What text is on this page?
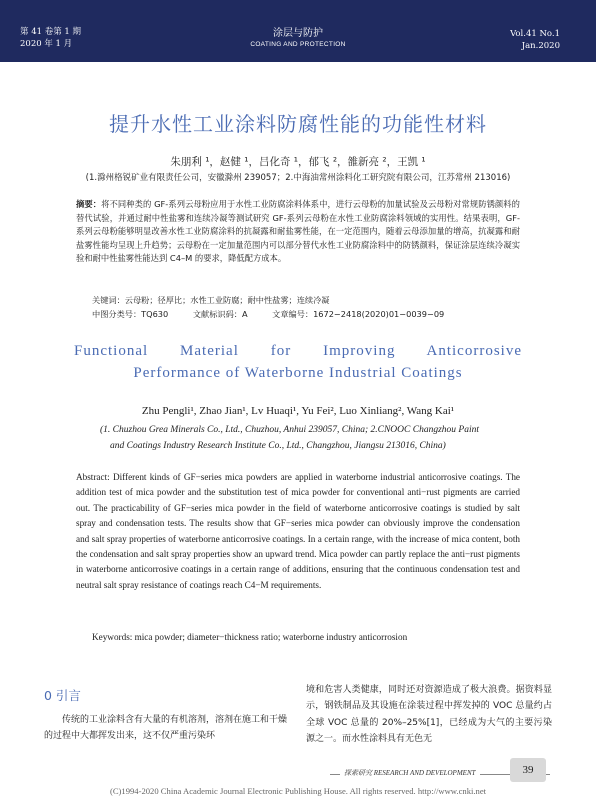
第 41 卷第 1 期
2020 年 1 月
涂层与防护
COATING AND PROTECTION
Vol.41 No.1
Jan.2020
提升水性工业涂料防腐性能的功能性材料
朱朋利 ¹，赵健 ¹，吕化奇 ¹，郁飞 ²，雒新亮 ²，王凯 ¹
(1.滁州格锐矿业有限责任公司，安徽滁州 239057；2.中海油常州涂料化工研究院有限公司，江苏常州 213016)
摘要：将不同种类的 GF-系列云母粉应用于水性工业防腐涂料体系中，进行云母粉的加量试验及云母粉对常规防锈颜料的替代试验，并通过耐中性盐雾和连续冷凝等测试研究 GF-系列云母粉在水性工业防腐涂料领域的实用性。结果表明，GF-系列云母粉能够明显改善水性工业防腐涂料的抗凝露和耐盐雾性能，在一定范围内，随着云母添加量的增高，抗凝露和耐盐雾性能均呈现上升趋势；云母粉在一定加量范围内可以部分替代水性工业防腐涂料中的防锈颜料，保证涂层连续冷凝实验和耐中性盐雾性能达到 C4–M 的要求，降低配方成本。
关键词：云母粉；径厚比；水性工业防腐；耐中性盐雾；连续冷凝
中图分类号：TQ630	文献标识码：A	文章编号：1672−2418(2020)01−0039−09
Functional Material for Improving Anticorrosive
Performance of Waterborne Industrial Coatings
Zhu Pengli¹, Zhao Jian¹, Lv Huaqi¹, Yu Fei², Luo Xinliang², Wang Kai¹
(1. Chuzhou Grea Minerals Co., Ltd., Chuzhou, Anhui 239057, China; 2.CNOOC Changzhou Paint
and Coatings Industry Research Institute Co., Ltd., Changzhou, Jiangsu 213016, China)
Abstract: Different kinds of GF−series mica powders are applied in waterborne industrial anticorrosive coatings. The addition test of mica powder and the substitution test of mica powder for conventional anti−rust pigments are carried out. The practicability of GF−series mica powder in the field of waterborne anticorrosive coatings is studied by salt spray and condensation tests. The results show that GF−series mica powder can obviously improve the condensation and salt spray properties of waterborne anticorrosive coatings. In a certain range, with the increase of mica content, both the condensation and salt spray properties show an upward trend. Mica powder can partly replace the anti−rust pigments in waterborne anticorrosive coatings in a certain range of additions, ensuring that the continuous condensation test and neutral salt spray resistance of coatings reach C4−M requirements.
Keywords: mica powder; diameter−thickness ratio; waterborne industry anticorrosion
0 引言
传统的工业涂料含有大量的有机溶剂，溶剂在施工和干燥的过程中大都挥发出来，这不仅严重污染环
境和危害人类健康，同时还对资源造成了极大浪费。据资料显示，钢铁制品及其设施在涂装过程中挥发掉的 VOC 总量约占全球 VOC 总量的 20%–25%[1]，已经成为大气的主要污染源之一。而水性涂料具有无色无
探索研究 RESEARCH AND DEVELOPMENT	39
(C)1994-2020 China Academic Journal Electronic Publishing House. All rights reserved. http://www.cnki.net
